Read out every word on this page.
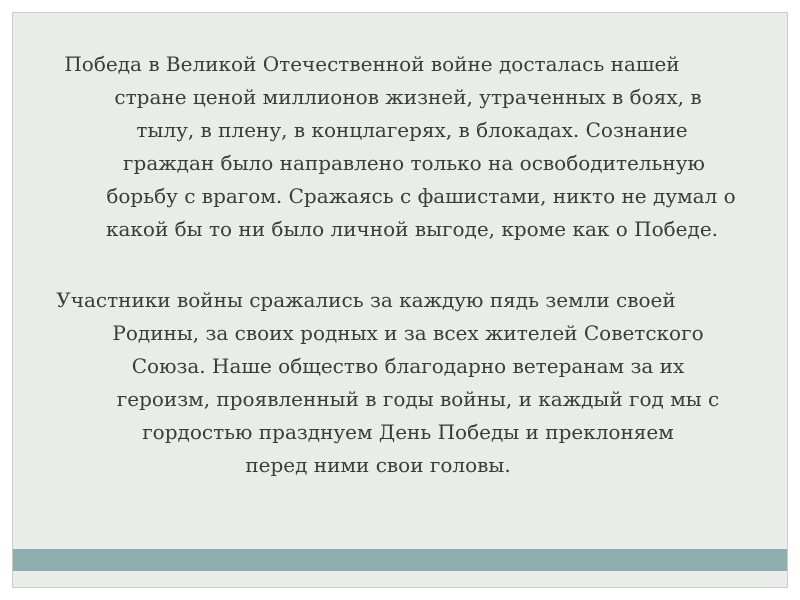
Победа в Великой Отечественной войне досталась нашей
стране ценой миллионов жизней, утраченных в боях, в
тылу, в плену, в концлагерях, в блокадах. Сознание
граждан было направлено только на освободительную
борьбу с врагом. Сражаясь с фашистами, никто не думал о
какой бы то ни было личной выгоде, кроме как о Победе.
Участники войны сражались за каждую пядь земли своей
Родины, за своих родных и за всех жителей Советского
Союза. Наше общество благодарно ветеранам за их
героизм, проявленный в годы войны, и каждый год мы с
гордостью празднуем День Победы и преклоняем
перед ними свои головы.
